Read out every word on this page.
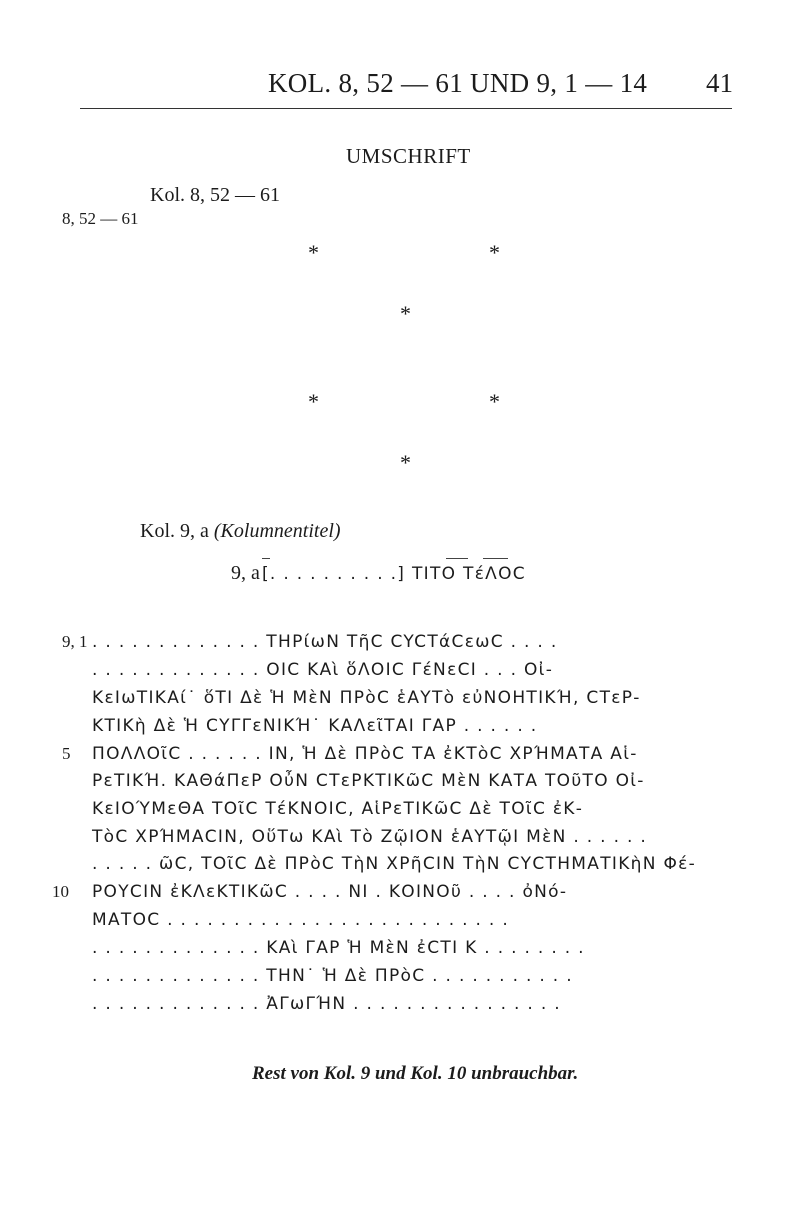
KOL. 8, 52 — 61 UND 9, 1 — 14 41
UMSCHRIFT
Kol. 8, 52 — 61
8, 52 — 61
*	*
*
*	*
*
Kol. 9, a (Kolumnentitel)
9, a [. . . . . . . . . .] ΤΙΤΟ ΤέΛΟC
9, 1
5
10
. . . . . . . . . . . . . ΤΗΡίωΝ ΤῆC CYCΤάCεωC . . . .
. . . . . . . . . . . . . ΟΙC ΚΑὶ ὅΛΟΙC ΓέΝεCΙ . . . Οἰ-
ΚεΙωΤΙΚΑί˙ ὅΤΙ Δὲ Ἡ ΜὲΝ ΠΡὸC ἑΑΥΤὸ εὐΝΟΗΤΙΚΉ, CΤεΡ-
ΚΤΙΚὴ Δὲ Ἡ CΥΓΓεΝΙΚΉ˙ ΚΑΛεῖΤΑΙ ΓΑΡ . . . . . .
ΠΟΛΛΟῖC . . . . . . ΙΝ, Ἡ Δὲ ΠΡὸC ΤΑ ἐΚΤὸC ΧΡΉΜΑΤΑ Αἱ-
ΡεΤΙΚΉ. ΚΑΘάΠεΡ ΟὖΝ CΤεΡΚΤΙΚῶC ΜὲΝ ΚΑΤΑ ΤΟῦΤΟ Οἰ-
ΚεΙΟΎΜεΘΑ ΤΟῖC ΤέΚΝΟΙC, ΑἱΡεΤΙΚῶC Δὲ ΤΟῖC ἐΚ-
ΤὸC ΧΡΉΜΑCΙΝ, ΟὕΤω ΚΑὶ Τὸ ΖῷΙΟΝ ἑΑΥΤῷΙ ΜὲΝ . . . . . .
. . . . . ῶC, ΤΟῖC Δὲ ΠΡὸC ΤὴΝ ΧΡῆCΙΝ ΤὴΝ CΥCΤΗΜΑΤΙΚὴΝ Φέ-
ΡΟΥCΙΝ ἐΚΛεΚΤΙΚῶC . . . . ΝΙ . ΚΟΙΝΟῦ . . . . ὀΝό-
ΜΑΤΟC . . . . . . . . . . . . . . . . . . . . . . . . . .
. . . . . . . . . . . . . ΚΑὶ ΓΑΡ Ἡ ΜὲΝ ἐCΤΙ Κ . . . . . . . .
. . . . . . . . . . . . . ΤΗΝ˙ Ἡ Δὲ ΠΡὸC . . . . . . . . . . .
. . . . . . . . . . . . . ἈΓωΓΉΝ . . . . . . . . . . . . . . . .
Rest von Kol. 9 und Kol. 10 unbrauchbar.
